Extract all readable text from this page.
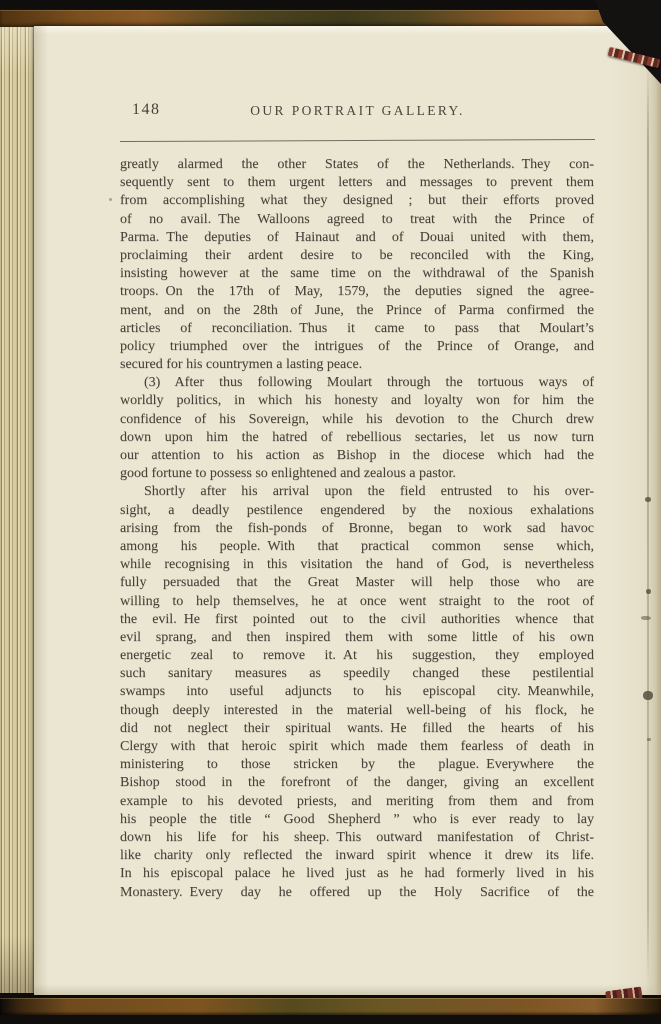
148	OUR PORTRAIT GALLERY.
greatly alarmed the other States of the Netherlands. They con-
sequently sent to them urgent letters and messages to prevent them
from accomplishing what they designed ; but their efforts proved
of no avail. The Walloons agreed to treat with the Prince of
Parma. The deputies of Hainaut and of Douai united with them,
proclaiming their ardent desire to be reconciled with the King,
insisting however at the same time on the withdrawal of the Spanish
troops. On the 17th of May, 1579, the deputies signed the agree-
ment, and on the 28th of June, the Prince of Parma confirmed the
articles of reconciliation. Thus it came to pass that Moulart’s
policy triumphed over the intrigues of the Prince of Orange, and
secured for his countrymen a lasting peace.
(3) After thus following Moulart through the tortuous ways of
worldly politics, in which his honesty and loyalty won for him the
confidence of his Sovereign, while his devotion to the Church drew
down upon him the hatred of rebellious sectaries, let us now turn
our attention to his action as Bishop in the diocese which had the
good fortune to possess so enlightened and zealous a pastor.
Shortly after his arrival upon the field entrusted to his over-
sight, a deadly pestilence engendered by the noxious exhalations
arising from the fish-ponds of Bronne, began to work sad havoc
among his people. With that practical common sense which,
while recognising in this visitation the hand of God, is nevertheless
fully persuaded that the Great Master will help those who are
willing to help themselves, he at once went straight to the root of
the evil. He first pointed out to the civil authorities whence that
evil sprang, and then inspired them with some little of his own
energetic zeal to remove it. At his suggestion, they employed
such sanitary measures as speedily changed these pestilential
swamps into useful adjuncts to his episcopal city. Meanwhile,
though deeply interested in the material well-being of his flock, he
did not neglect their spiritual wants. He filled the hearts of his
Clergy with that heroic spirit which made them fearless of death in
ministering to those stricken by the plague. Everywhere the
Bishop stood in the forefront of the danger, giving an excellent
example to his devoted priests, and meriting from them and from
his people the title “ Good Shepherd ” who is ever ready to lay
down his life for his sheep. This outward manifestation of Christ-
like charity only reflected the inward spirit whence it drew its life.
In his episcopal palace he lived just as he had formerly lived in his
Monastery. Every day he offered up the Holy Sacrifice of the
